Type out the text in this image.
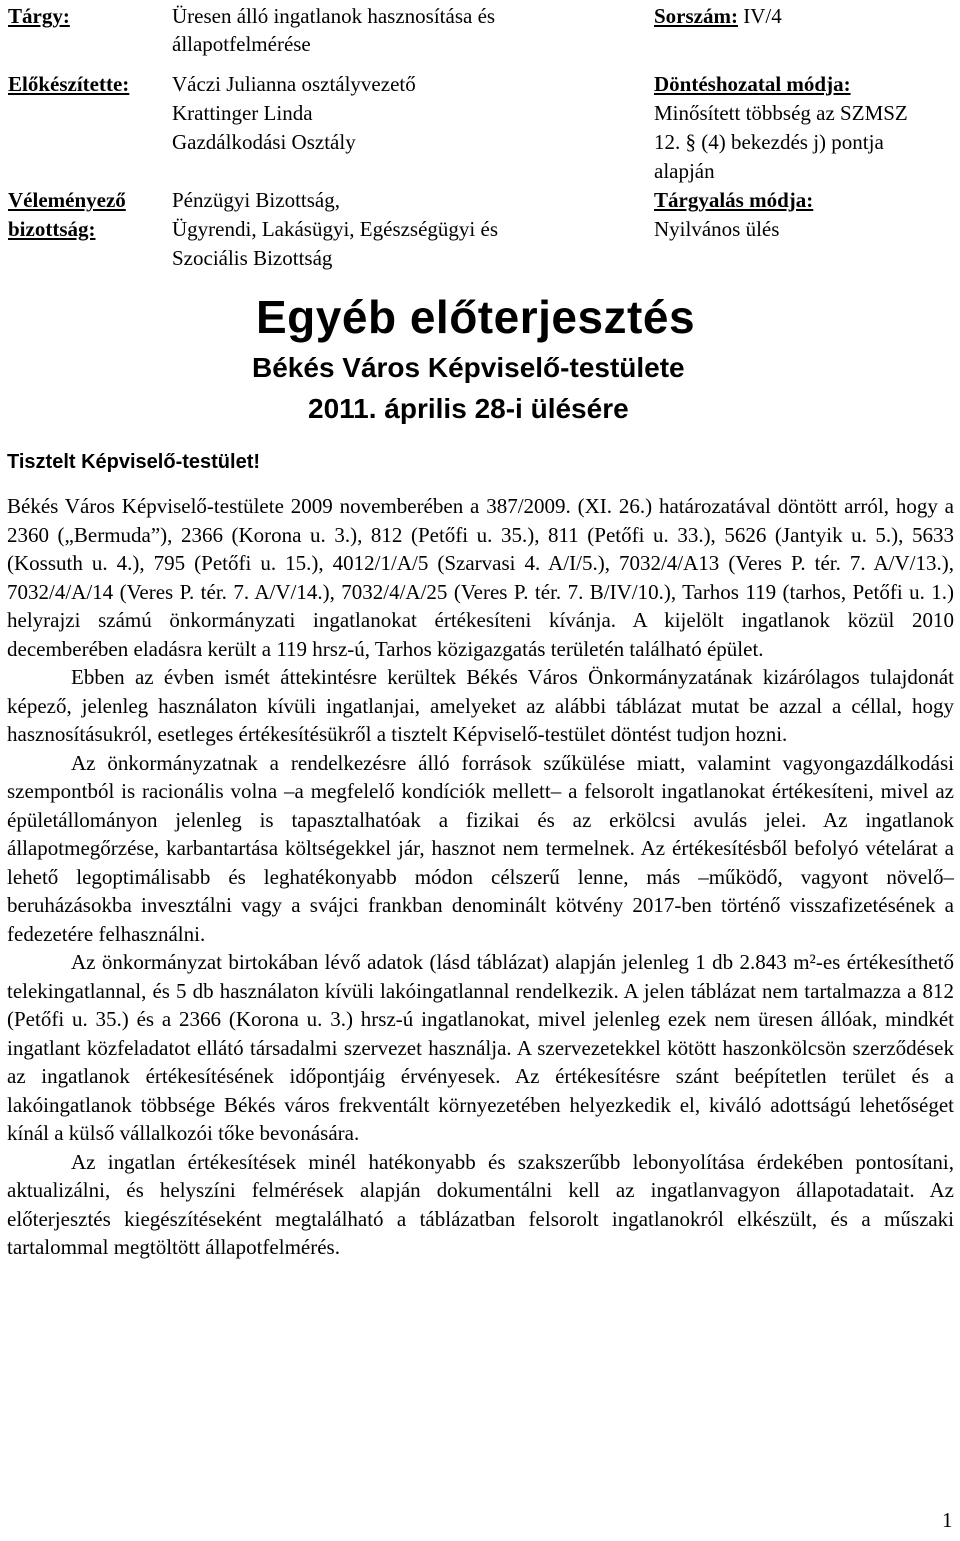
Tárgy:	Üresen álló ingatlanok hasznosítása és
állapotfelmérése
Előkészítette: Váczi Julianna osztályvezető
Krattinger Linda
Gazdálkodási Osztály
Véleményező
bizottság:
Pénzügyi Bizottság,
Ügyrendi, Lakásügyi, Egészségügyi és
Szociális Bizottság
Sorszám: IV/4
Döntéshozatal módja:
Minősített többség az SZMSZ
12. § (4) bekezdés j) pontja
alapján
Tárgyalás módja:
Nyilvános ülés
Egyéb előterjesztés
Békés Város Képviselő-testülete
2011. április 28-i ülésére
Tisztelt Képviselő-testület!

Békés Város Képviselő-testülete 2009 novemberében a 387/2009. (XI. 26.) határozatával döntött arról, hogy a 2360 („Bermuda”), 2366 (Korona u. 3.), 812 (Petőfi u. 35.), 811 (Petőfi u. 33.), 5626 (Jantyik u. 5.), 5633 (Kossuth u. 4.), 795 (Petőfi u. 15.), 4012/1/A/5 (Szarvasi 4. A/I/5.), 7032/4/A13 (Veres P. tér. 7. A/V/13.), 7032/4/A/14 (Veres P. tér. 7. A/V/14.), 7032/4/A/25 (Veres P. tér. 7. B/IV/10.), Tarhos 119 (tarhos, Petőfi u. 1.) helyrajzi számú önkormányzati ingatlanokat értékesíteni kívánja. A kijelölt ingatlanok közül 2010 decemberében eladásra került a 119 hrsz-ú, Tarhos közigazgatás területén található épület.

Ebben az évben ismét áttekintésre kerültek Békés Város Önkormányzatának kizárólagos tulajdonát képező, jelenleg használaton kívüli ingatlanjai, amelyeket az alábbi táblázat mutat be azzal a céllal, hogy hasznosításukról, esetleges értékesítésükről a tisztelt Képviselő-testület döntést tudjon hozni.

Az önkormányzatnak a rendelkezésre álló források szűkülése miatt, valamint vagyongazdálkodási szempontból is racionális volna –a megfelelő kondíciók mellett– a felsorolt ingatlanokat értékesíteni, mivel az épületállományon jelenleg is tapasztalhatóak a fizikai és az erkölcsi avulás jelei. Az ingatlanok állapotmegőrzése, karbantartása költségekkel jár, hasznot nem termelnek. Az értékesítésből befolyó vételárat a lehető legoptimálisabb és leghatékonyabb módon célszerű lenne, más –működő, vagyont növelő– beruházásokba invesztálni vagy a svájci frankban denominált kötvény 2017-ben történő visszafizetésének a fedezetére felhasználni.

Az önkormányzat birtokában lévő adatok (lásd táblázat) alapján jelenleg 1 db 2.843 m²-es értékesíthető telekingatlannal, és 5 db használaton kívüli lakóingatlannal rendelkezik. A jelen táblázat nem tartalmazza a 812 (Petőfi u. 35.) és a 2366 (Korona u. 3.) hrsz-ú ingatlanokat, mivel jelenleg ezek nem üresen állóak, mindkét ingatlant közfeladatot ellátó társadalmi szervezet használja. A szervezetekkel kötött haszonkölcsön szerződések az ingatlanok értékesítésének időpontjáig érvényesek. Az értékesítésre szánt beépítetlen terület és a lakóingatlanok többsége Békés város frekventált környezetében helyezkedik el, kiváló adottságú lehetőséget kínál a külső vállalkozói tőke bevonására.

Az ingatlan értékesítések minél hatékonyabb és szakszerűbb lebonyolítása érdekében pontosítani, aktualizálni, és helyszíni felmérések alapján dokumentálni kell az ingatlanvagyon állapotadatait. Az előterjesztés kiegészítéseként megtalálható a táblázatban felsorolt ingatlanokról elkészült, és a műszaki tartalommal megtöltött állapotfelmérés.

1
